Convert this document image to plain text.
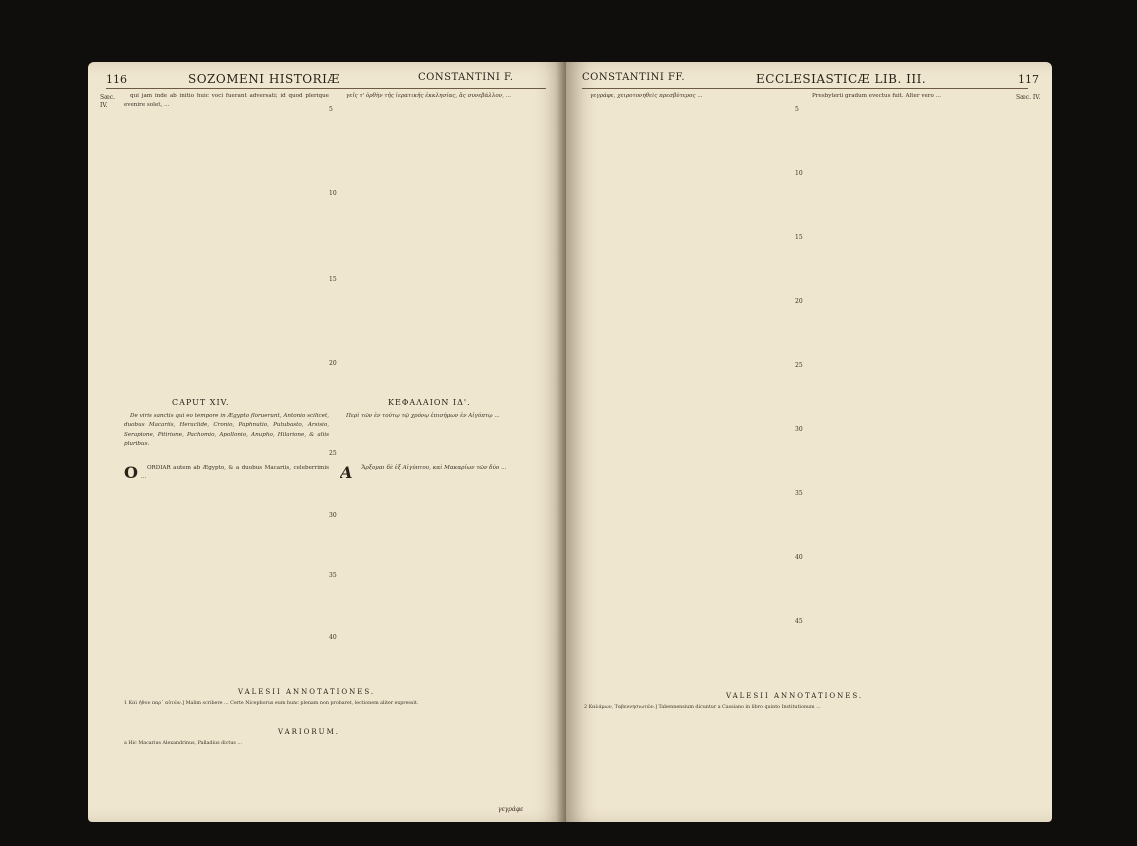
116	SOZOMENI HISTORIÆ	CONSTANTINI F.
Sæc. IV.

qui jam inde ab initio huic voci fuerant adversati; id quod plerique evenire solet, ...

γεῖς τ' ὀρθὴν τῆς ἱερατικῆς ἐκκλησίας, ἃς συνεβάλλον, ...

5
10
15
20
25
30
35
40
CAPUT XIV.	ΚΕΦΑΛΑΙΟΝ ΙΔ'.

De viris sanctis qui eo tempore in Ægypto floruerunt, Antonio scilicet, duobus Macariis, Heraclide, Cronio, Paphnutio, Putubasto, Arsisio, Serapione, Pitirione, Pachomio, Apollonio, Anupho, Hilarione, & aliis pluribus.

Περὶ τῶν ἐν τούτῳ τῷ χρόνῳ ἐπισήμων ἐν Αἰγύπτῳ ...

O	ORDIAR autem ab Ægypto, & a duobus Macariis, celeberrimis ...	Α	Ἄρξομαι δὲ ἐξ Αἰγύπτου, καὶ Μακαρίων τῶν δύο ...

VALESII ANNOTATIONES.
1 Καὶ ἦθον παρ᾽ αὐτῶν.] Malim scribere ... Certe Nicephorus eum hunc plenam non probaret, lectionem aliter expressit.
VARIORUM.
a Hic Macarius Alexandrinus, Palladius dictus ...
γεγράφε
CONSTANTINI FF.	ECCLESIASTICÆ LIB. III.	117
Sæc. IV.

γεγράφε, χειροτονηθεὶς πρεσβύτερος ...	Presbyterii gradum evectus fuit. Alter vero ...

5
10
15
20
25
30
35
40
45
VALESII ANNOTATIONES.
2 Καλάμων, Ταβεννησιωτῶν.] Tabennensium dicuntur a Cassiano in libro quinto Institutionum ...
